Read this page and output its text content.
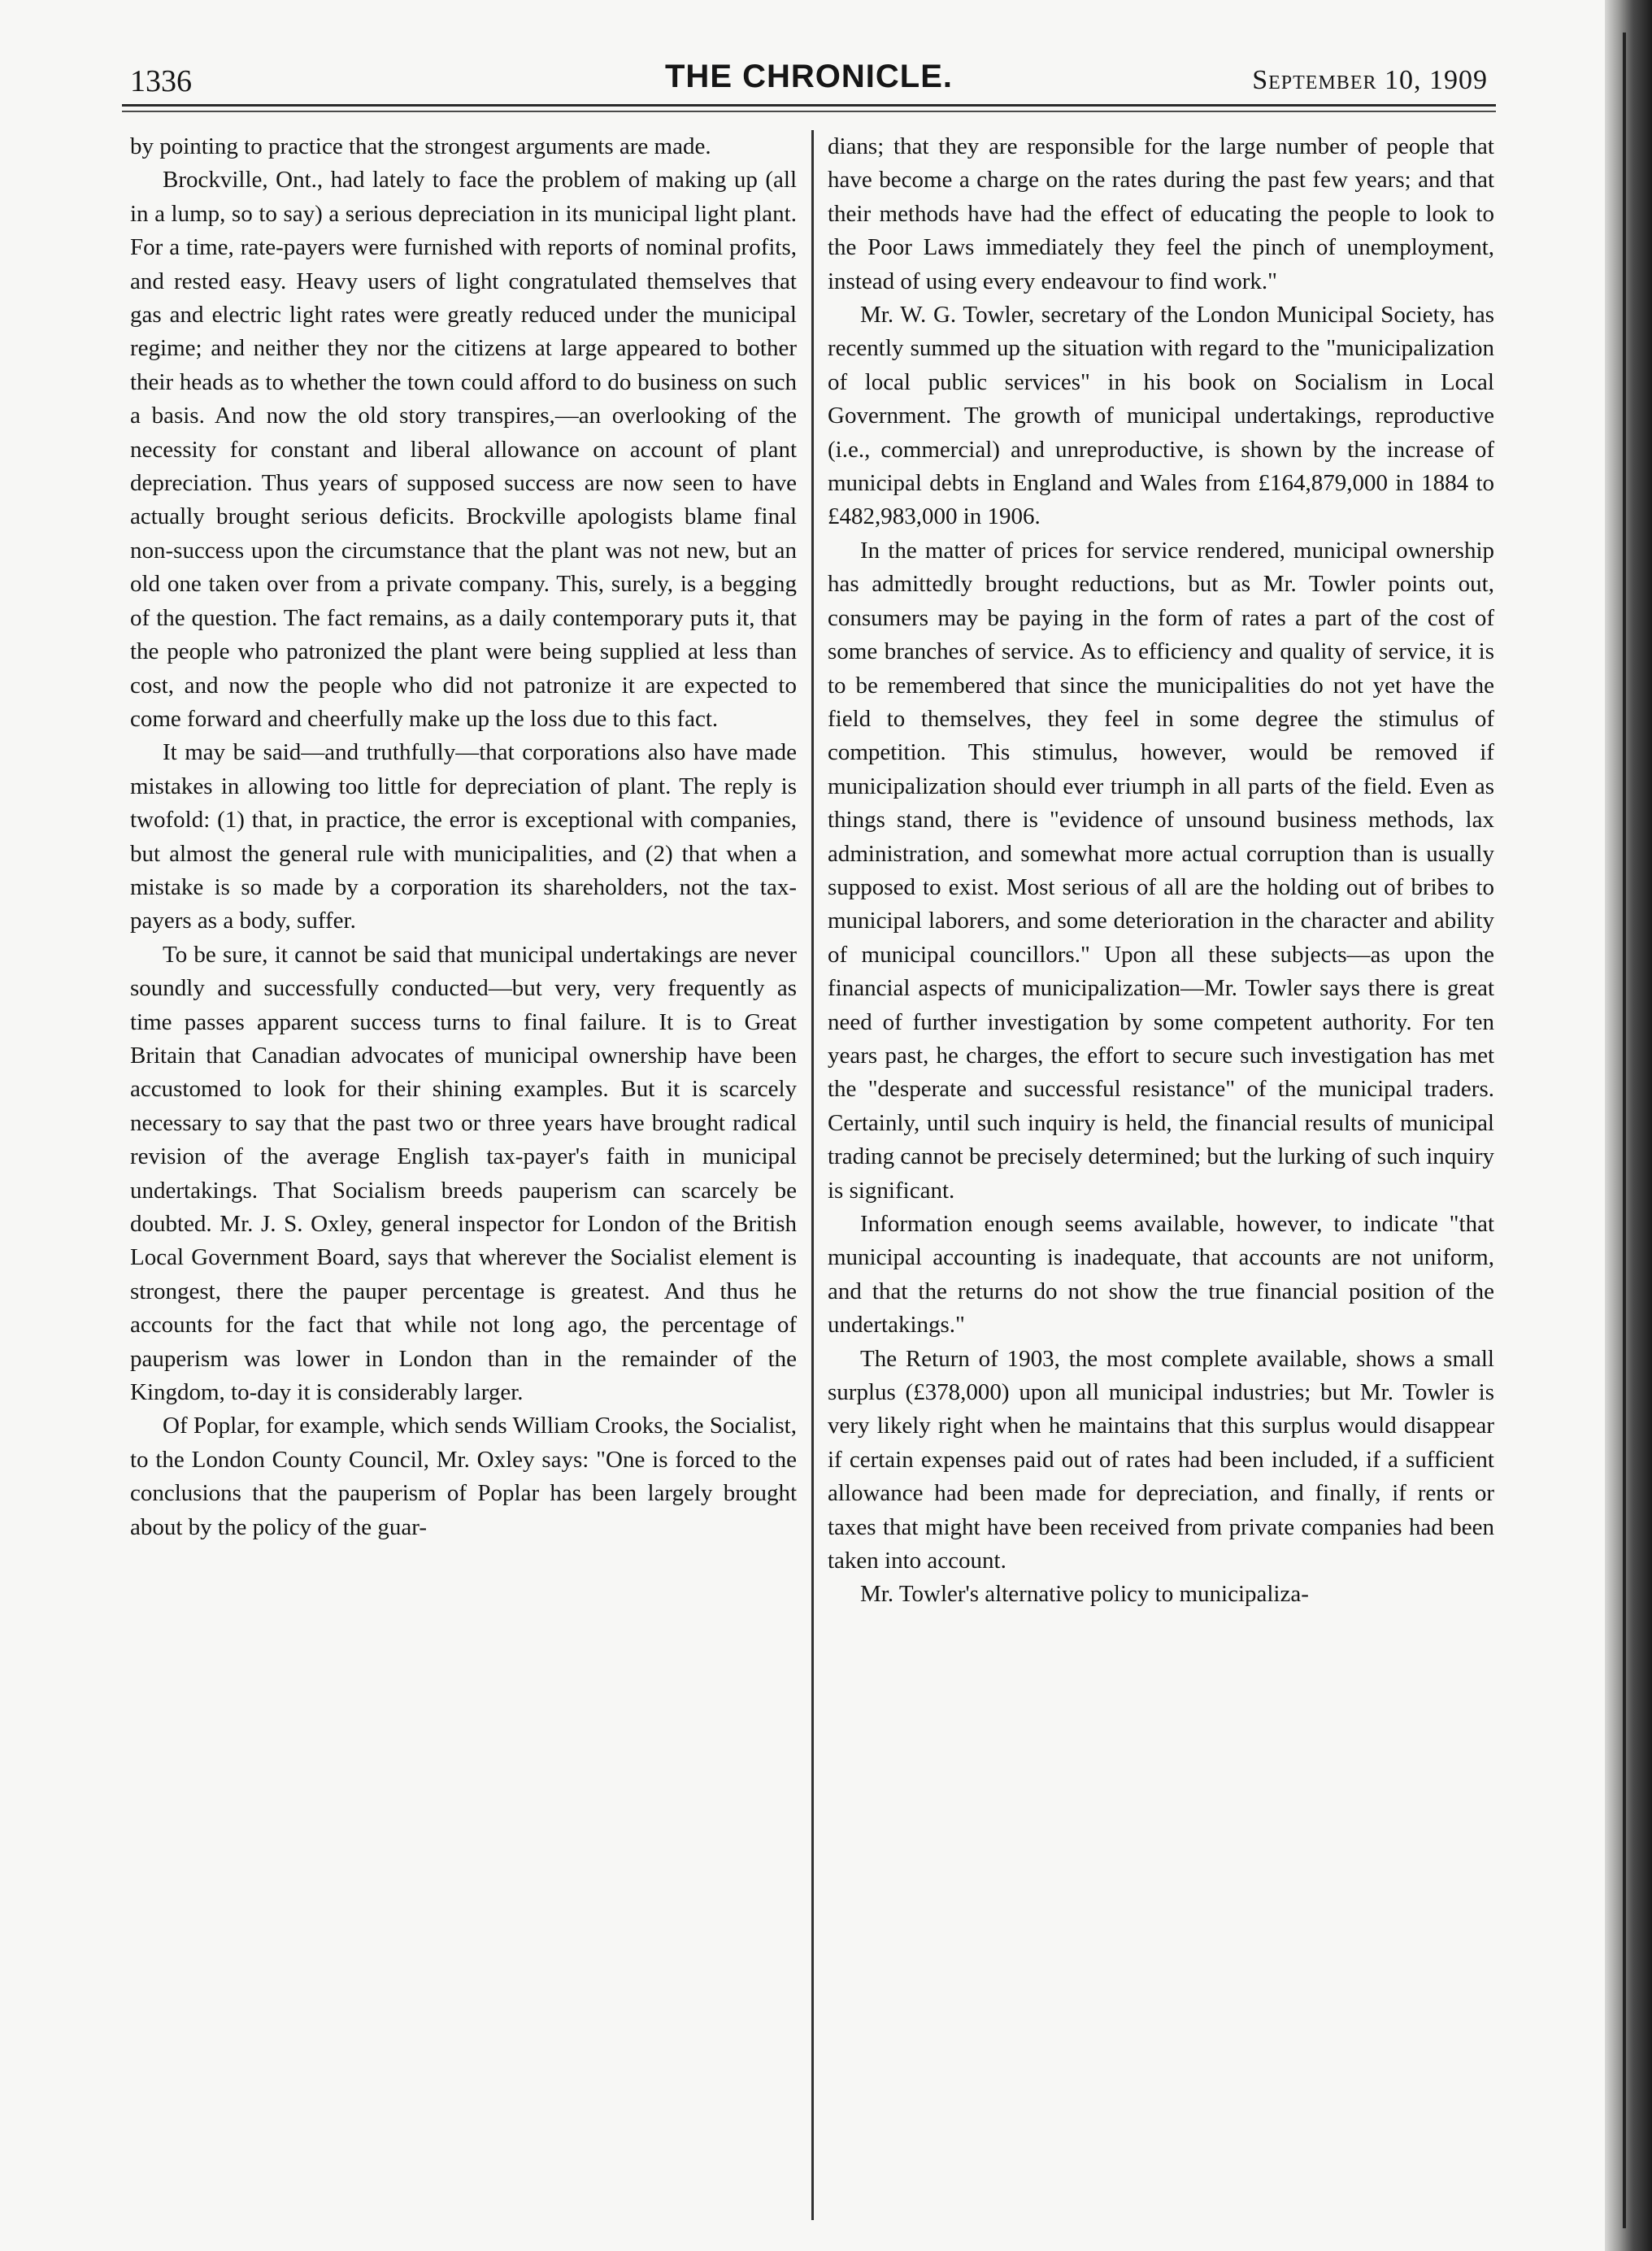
1336	THE CHRONICLE.	September 10, 1909

by pointing to practice that the strongest arguments are made.

Brockville, Ont., had lately to face the problem of making up (all in a lump, so to say) a serious depreciation in its municipal light plant. For a time, rate-payers were furnished with reports of nominal profits, and rested easy. Heavy users of light congratulated themselves that gas and electric light rates were greatly reduced under the municipal regime; and neither they nor the citizens at large appeared to bother their heads as to whether the town could afford to do business on such a basis. And now the old story transpires,—an overlooking of the necessity for constant and liberal allowance on account of plant depreciation. Thus years of supposed success are now seen to have actually brought serious deficits. Brockville apologists blame final non-success upon the circumstance that the plant was not new, but an old one taken over from a private company. This, surely, is a begging of the question. The fact remains, as a daily contemporary puts it, that the people who patronized the plant were being supplied at less than cost, and now the people who did not patronize it are expected to come forward and cheerfully make up the loss due to this fact.

It may be said—and truthfully—that corporations also have made mistakes in allowing too little for depreciation of plant. The reply is twofold: (1) that, in practice, the error is exceptional with companies, but almost the general rule with municipalities, and (2) that when a mistake is so made by a corporation its shareholders, not the tax-payers as a body, suffer.

To be sure, it cannot be said that municipal undertakings are never soundly and successfully conducted—but very, very frequently as time passes apparent success turns to final failure. It is to Great Britain that Canadian advocates of municipal ownership have been accustomed to look for their shining examples. But it is scarcely necessary to say that the past two or three years have brought radical revision of the average English tax-payer's faith in municipal undertakings. That Socialism breeds pauperism can scarcely be doubted. Mr. J. S. Oxley, general inspector for London of the British Local Government Board, says that wherever the Socialist element is strongest, there the pauper percentage is greatest. And thus he accounts for the fact that while not long ago, the percentage of pauperism was lower in London than in the remainder of the Kingdom, to-day it is considerably larger.

Of Poplar, for example, which sends William Crooks, the Socialist, to the London County Council, Mr. Oxley says: "One is forced to the conclusions that the pauperism of Poplar has been largely brought about by the policy of the guar-

dians; that they are responsible for the large number of people that have become a charge on the rates during the past few years; and that their methods have had the effect of educating the people to look to the Poor Laws immediately they feel the pinch of unemployment, instead of using every endeavour to find work."

Mr. W. G. Towler, secretary of the London Municipal Society, has recently summed up the situation with regard to the "municipalization of local public services" in his book on Socialism in Local Government. The growth of municipal undertakings, reproductive (i.e., commercial) and unreproductive, is shown by the increase of municipal debts in England and Wales from £164,879,000 in 1884 to £482,983,000 in 1906.

In the matter of prices for service rendered, municipal ownership has admittedly brought reductions, but as Mr. Towler points out, consumers may be paying in the form of rates a part of the cost of some branches of service. As to efficiency and quality of service, it is to be remembered that since the municipalities do not yet have the field to themselves, they feel in some degree the stimulus of competition. This stimulus, however, would be removed if municipalization should ever triumph in all parts of the field. Even as things stand, there is "evidence of unsound business methods, lax administration, and somewhat more actual corruption than is usually supposed to exist. Most serious of all are the holding out of bribes to municipal laborers, and some deterioration in the character and ability of municipal councillors." Upon all these subjects—as upon the financial aspects of municipalization—Mr. Towler says there is great need of further investigation by some competent authority. For ten years past, he charges, the effort to secure such investigation has met the "desperate and successful resistance" of the municipal traders. Certainly, until such inquiry is held, the financial results of municipal trading cannot be precisely determined; but the lurking of such inquiry is significant.

Information enough seems available, however, to indicate "that municipal accounting is inadequate, that accounts are not uniform, and that the returns do not show the true financial position of the undertakings."

The Return of 1903, the most complete available, shows a small surplus (£378,000) upon all municipal industries; but Mr. Towler is very likely right when he maintains that this surplus would disappear if certain expenses paid out of rates had been included, if a sufficient allowance had been made for depreciation, and finally, if rents or taxes that might have been received from private companies had been taken into account.

Mr. Towler's alternative policy to municipaliza-
